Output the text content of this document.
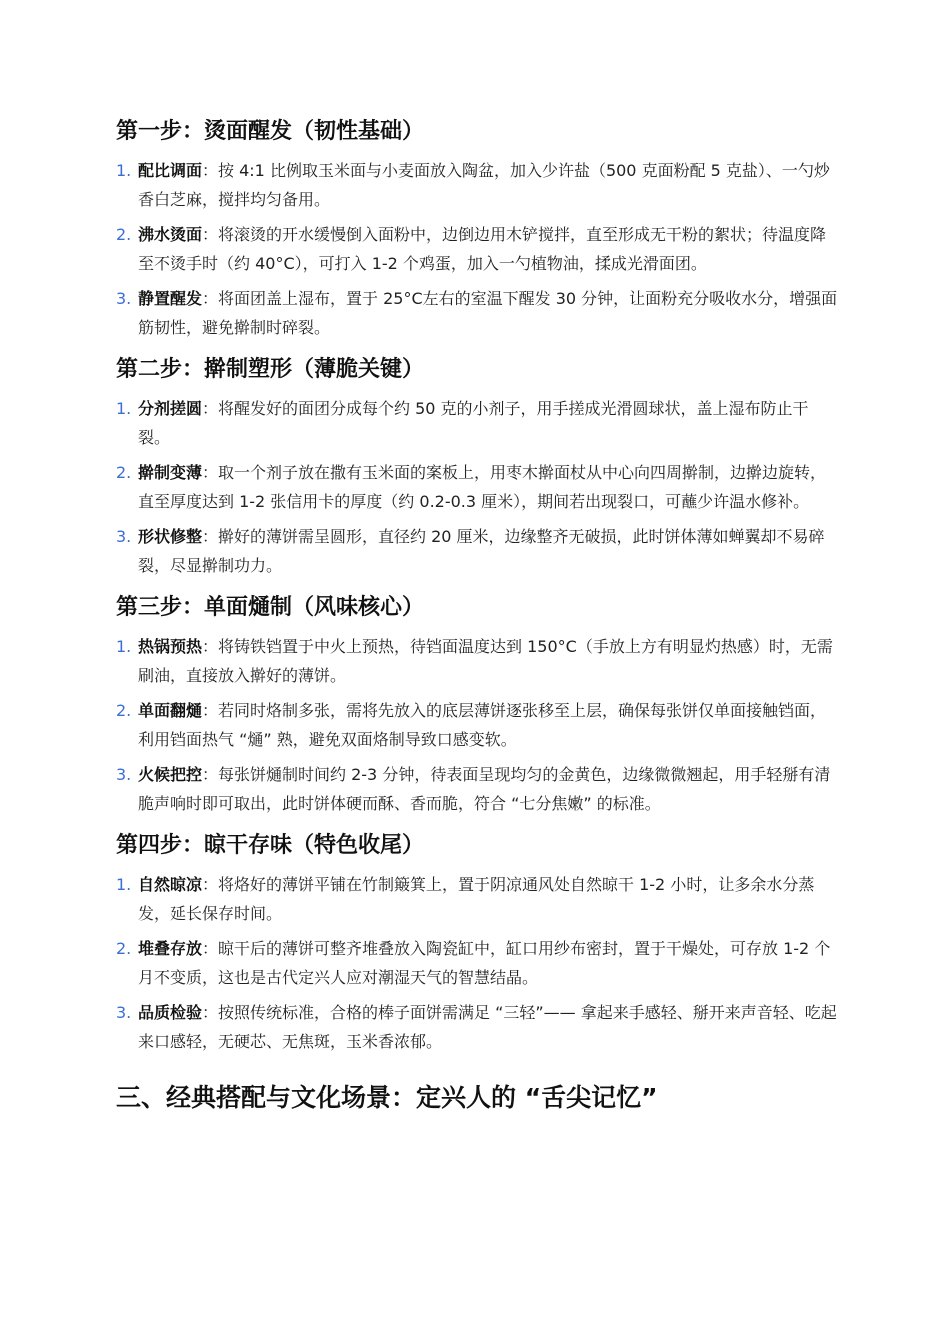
第一步：烫面醒发（韧性基础）
1. 配比调面：按 4:1 比例取玉米面与小麦面放入陶盆，加入少许盐（500 克面粉配 5 克盐）、一勺炒香白芝麻，搅拌均匀备用。
2. 沸水烫面：将滚烫的开水缓慢倒入面粉中，边倒边用木铲搅拌，直至形成无干粉的絮状；待温度降至不烫手时（约 40°C），可打入 1-2 个鸡蛋，加入一勺植物油，揉成光滑面团。
3. 静置醒发：将面团盖上湿布，置于 25°C左右的室温下醒发 30 分钟，让面粉充分吸收水分，增强面筋韧性，避免擀制时碎裂。
第二步：擀制塑形（薄脆关键）
1. 分剂搓圆：将醒发好的面团分成每个约 50 克的小剂子，用手搓成光滑圆球状，盖上湿布防止干裂。
2. 擀制变薄：取一个剂子放在撒有玉米面的案板上，用枣木擀面杖从中心向四周擀制，边擀边旋转，直至厚度达到 1-2 张信用卡的厚度（约 0.2-0.3 厘米），期间若出现裂口，可蘸少许温水修补。
3. 形状修整：擀好的薄饼需呈圆形，直径约 20 厘米，边缘整齐无破损，此时饼体薄如蝉翼却不易碎裂，尽显擀制功力。
第三步：单面熥制（风味核心）
1. 热锅预热：将铸铁铛置于中火上预热，待铛面温度达到 150°C（手放上方有明显灼热感）时，无需刷油，直接放入擀好的薄饼。
2. 单面翻熥：若同时烙制多张，需将先放入的底层薄饼逐张移至上层，确保每张饼仅单面接触铛面，利用铛面热气 “熥” 熟，避免双面烙制导致口感变软。
3. 火候把控：每张饼熥制时间约 2-3 分钟，待表面呈现均匀的金黄色，边缘微微翘起，用手轻掰有清脆声响时即可取出，此时饼体硬而酥、香而脆，符合 “七分焦嫩” 的标准。
第四步：晾干存味（特色收尾）
1. 自然晾凉：将烙好的薄饼平铺在竹制簸箕上，置于阴凉通风处自然晾干 1-2 小时，让多余水分蒸发，延长保存时间。
2. 堆叠存放：晾干后的薄饼可整齐堆叠放入陶瓷缸中，缸口用纱布密封，置于干燥处，可存放 1-2 个月不变质，这也是古代定兴人应对潮湿天气的智慧结晶。
3. 品质检验：按照传统标准，合格的棒子面饼需满足 “三轻”—— 拿起来手感轻、掰开来声音轻、吃起来口感轻，无硬芯、无焦斑，玉米香浓郁。
三、经典搭配与文化场景：定兴人的 “舌尖记忆”
